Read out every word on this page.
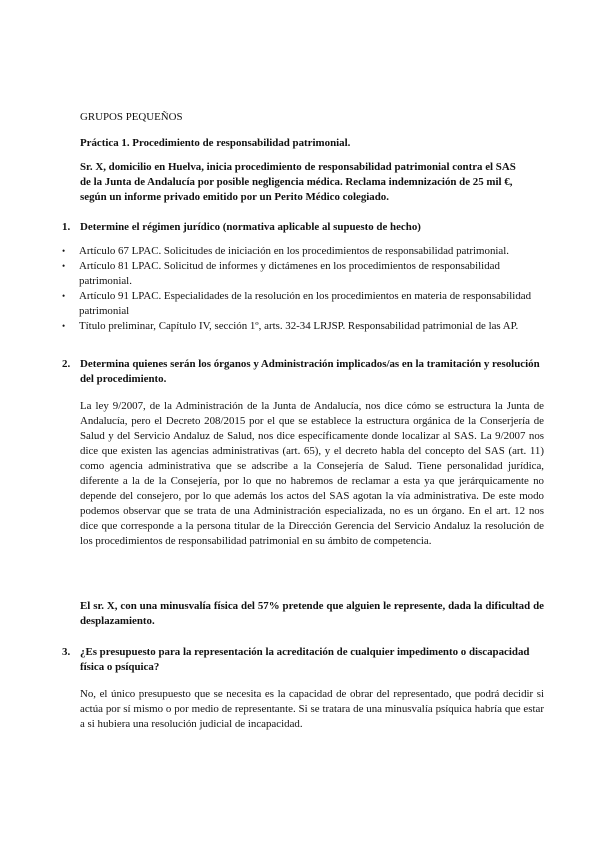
GRUPOS PEQUEÑOS

Práctica 1. Procedimiento de responsabilidad patrimonial.

Sr. X, domicilio en Huelva, inicia procedimiento de responsabilidad patrimonial contra el SAS
de la Junta de Andalucía por posible negligencia médica. Reclama indemnización de 25 mil €,
según un informe privado emitido por un Perito Médico colegiado.

1. Determine el régimen jurídico (normativa aplicable al supuesto de hecho)
• Artículo 67 LPAC. Solicitudes de iniciación en los procedimientos de responsabilidad patrimonial.
• Artículo 81 LPAC. Solicitud de informes y dictámenes en los procedimientos de responsabilidad patrimonial.
• Artículo 91 LPAC. Especialidades de la resolución en los procedimientos en materia de responsabilidad patrimonial
• Título preliminar, Capítulo IV, sección 1º, arts. 32-34 LRJSP. Responsabilidad patrimonial de las AP.
2. Determina quienes serán los órganos y Administración implicados/as en la tramitación y resolución del procedimiento.

La ley 9/2007, de la Administración de la Junta de Andalucía, nos dice cómo se estructura la Junta de Andalucía, pero el Decreto 208/2015 por el que se establece la estructura orgánica de la Conserjería de Salud y del Servicio Andaluz de Salud, nos dice específicamente donde localizar al SAS. La 9/2007 nos dice que existen las agencias administrativas (art. 65), y el decreto habla del concepto del SAS (art. 11) como agencia administrativa que se adscribe a la Consejería de Salud. Tiene personalidad jurídica, diferente a la de la Consejería, por lo que no habremos de reclamar a esta ya que jerárquicamente no depende del consejero, por lo que además los actos del SAS agotan la vía administrativa. De este modo podemos observar que se trata de una Administración especializada, no es un órgano. En el art. 12 nos dice que corresponde a la persona titular de la Dirección Gerencia del Servicio Andaluz la resolución de los procedimientos de responsabilidad patrimonial en su ámbito de competencia.

El sr. X, con una minusvalía física del 57% pretende que alguien le represente, dada la dificultad de desplazamiento.

3. ¿Es presupuesto para la representación la acreditación de cualquier impedimento o discapacidad física o psíquica?

No, el único presupuesto que se necesita es la capacidad de obrar del representado, que podrá decidir si actúa por sí mismo o por medio de representante. Si se tratara de una minusvalía psíquica habría que estar a si hubiera una resolución judicial de incapacidad.
